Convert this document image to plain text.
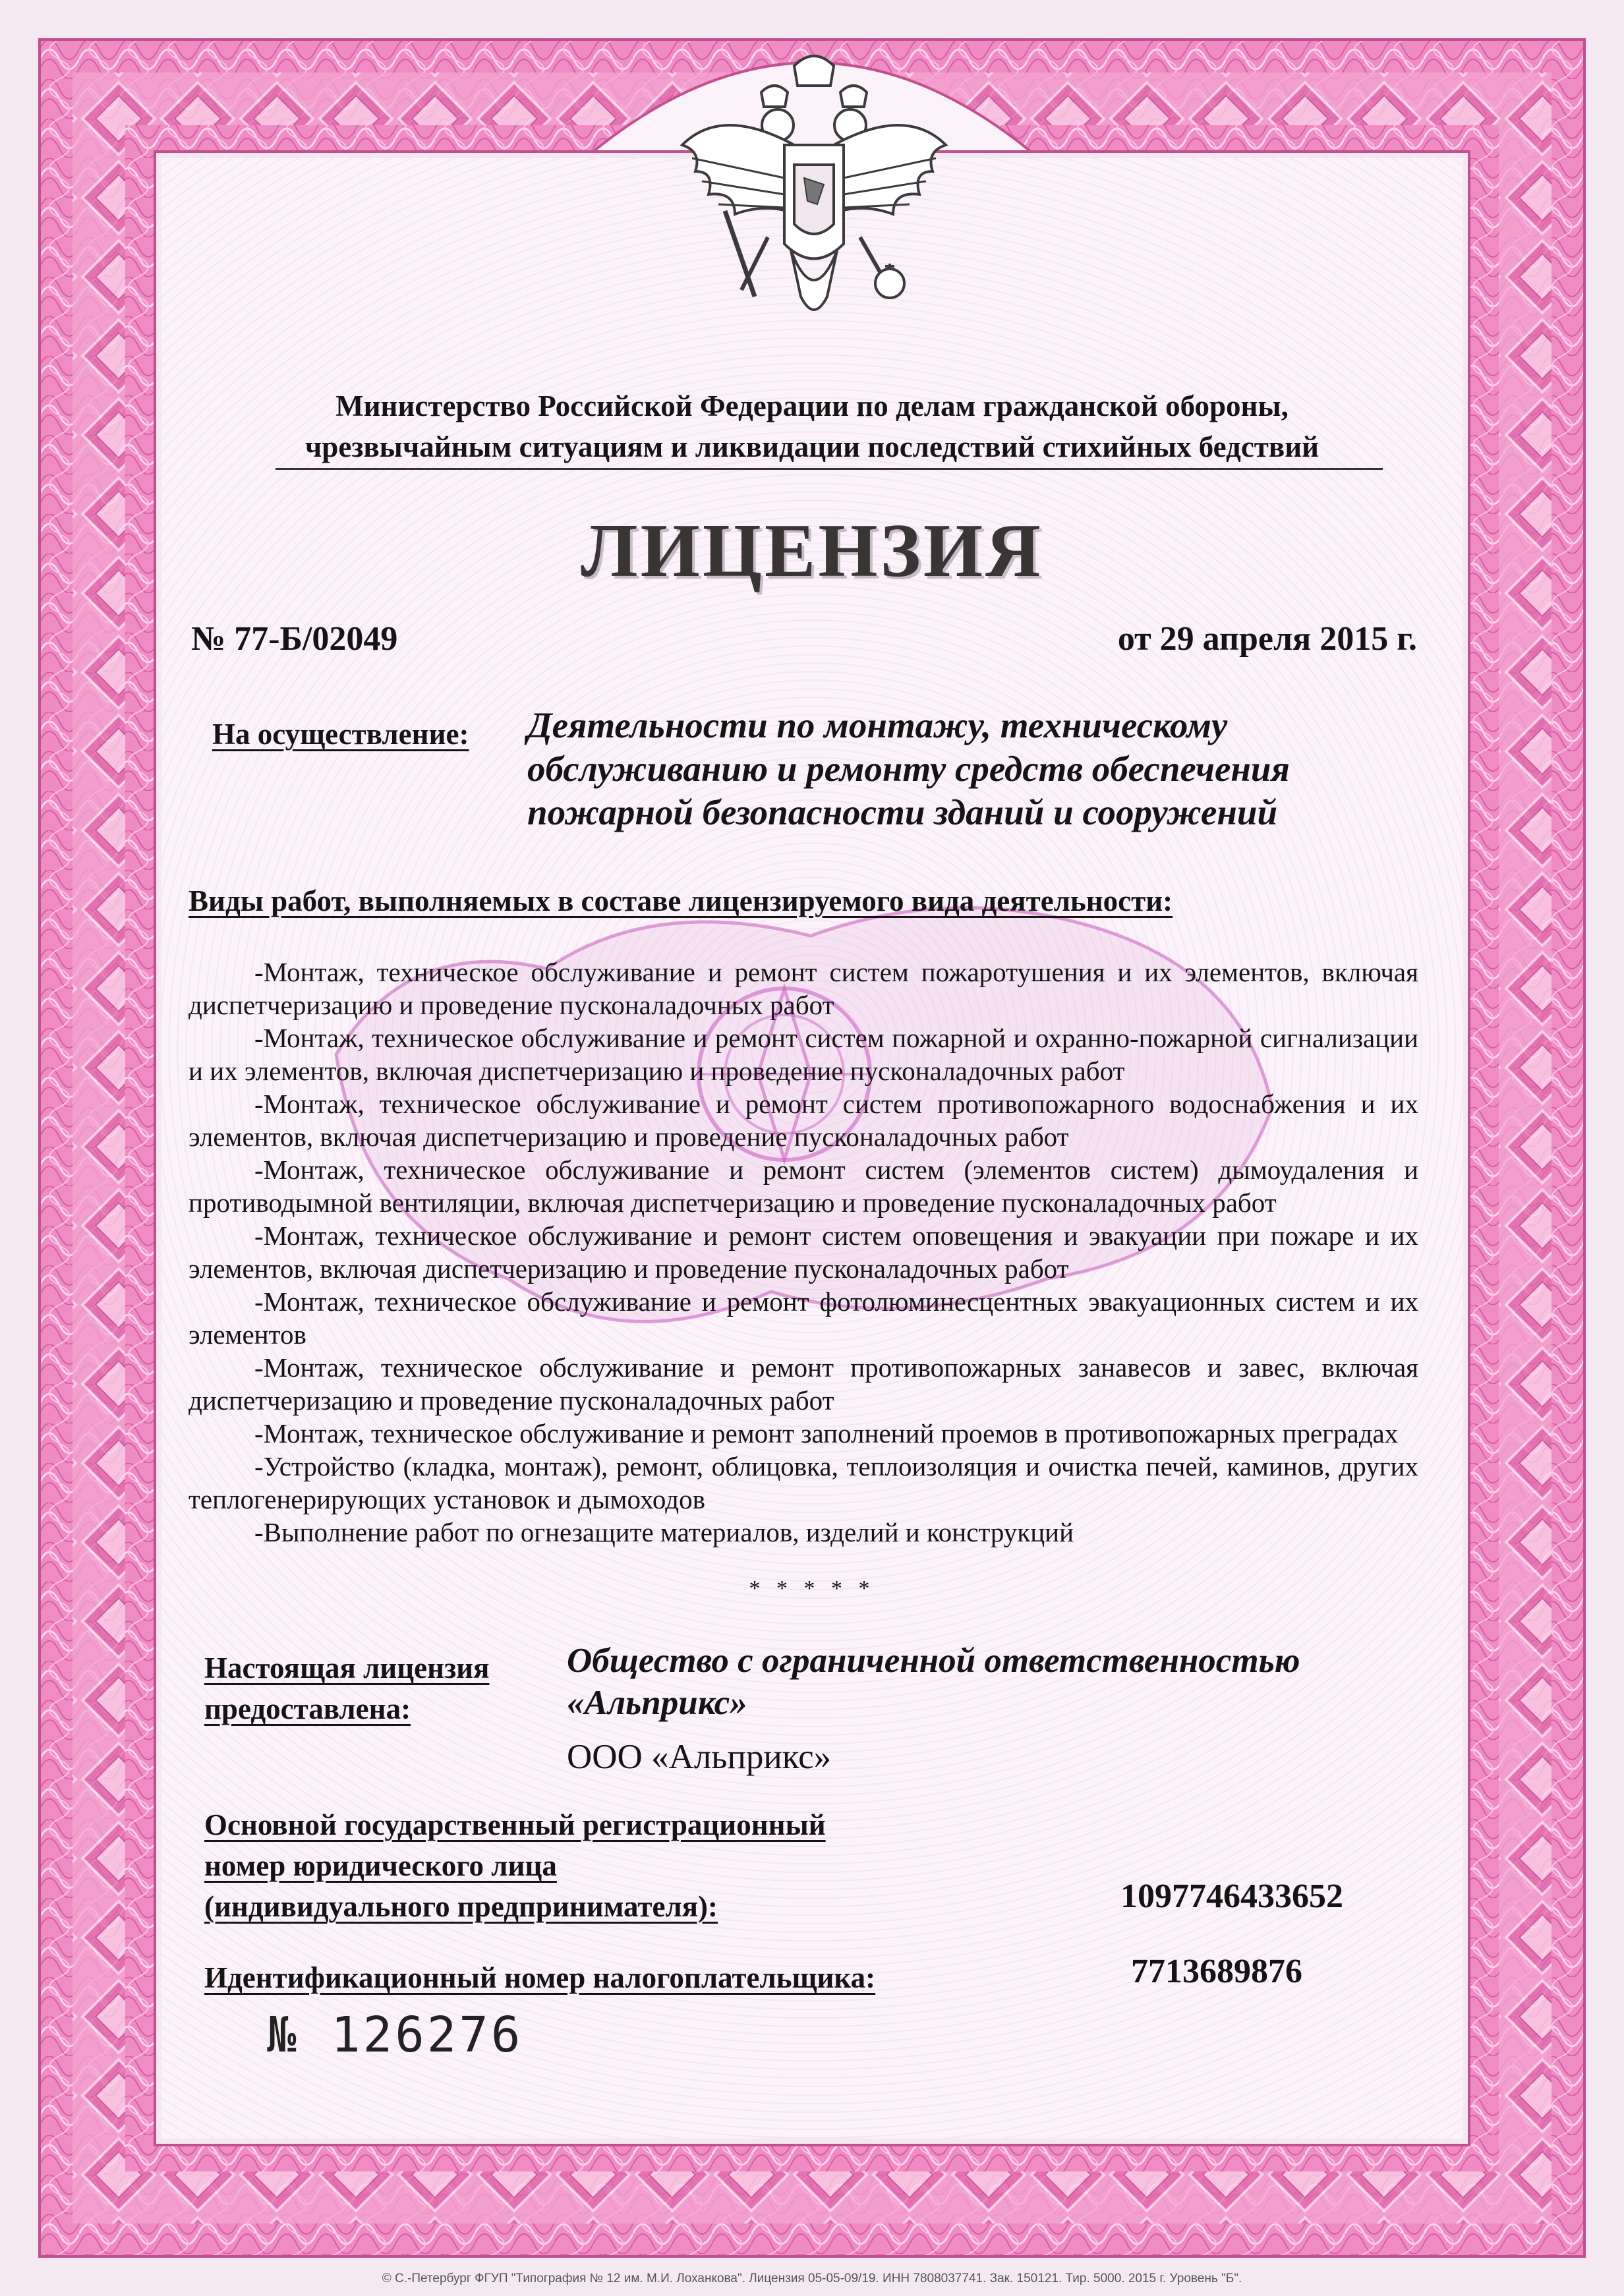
Министерство Российской Федерации по делам гражданской обороны,
чрезвычайным ситуациям и ликвидации последствий стихийных бедствий
ЛИЦЕНЗИЯ
№ 77-Б/02049	от 29 апреля 2015 г.
На осуществление: Деятельности по монтажу, техническому обслуживанию и ремонту средств обеспечения пожарной безопасности зданий и сооружений
Виды работ, выполняемых в составе лицензируемого вида деятельности:

-Монтаж, техническое обслуживание и ремонт систем пожаротушения и их элементов, включая диспетчеризацию и проведение пусконаладочных работ

-Монтаж, техническое обслуживание и ремонт систем пожарной и охранно-пожарной сигнализации и их элементов, включая диспетчеризацию и проведение пусконаладочных работ

-Монтаж, техническое обслуживание и ремонт систем противопожарного водоснабжения и их элементов, включая диспетчеризацию и проведение пусконаладочных работ

-Монтаж, техническое обслуживание и ремонт систем (элементов систем) дымоудаления и противодымной вентиляции, включая диспетчеризацию и проведение пусконаладочных работ

-Монтаж, техническое обслуживание и ремонт систем оповещения и эвакуации при пожаре и их элементов, включая диспетчеризацию и проведение пусконаладочных работ

-Монтаж, техническое обслуживание и ремонт фотолюминесцентных эвакуационных систем и их элементов

-Монтаж, техническое обслуживание и ремонт противопожарных занавесов и завес, включая диспетчеризацию и проведение пусконаладочных работ

-Монтаж, техническое обслуживание и ремонт заполнений проемов в противопожарных преградах

-Устройство (кладка, монтаж), ремонт, облицовка, теплоизоляция и очистка печей, каминов, других теплогенерирующих установок и дымоходов

-Выполнение работ по огнезащите материалов, изделий и конструкций

* * * * *
Настоящая лицензия
предоставлена:
Общество с ограниченной ответственностью «Альприкс»
ООО «Альприкс»
Основной государственный регистрационный
номер юридического лица
(индивидуального предпринимателя):	1097746433652
Идентификационный номер налогоплательщика:	7713689876
№ 126276
© С.-Петербург ФГУП "Типография № 12 им. М.И. Лоханкова". Лицензия 05-05-09/19. ИНН 7808037741. Зак. 150121. Тир. 5000. 2015 г. Уровень "Б".
